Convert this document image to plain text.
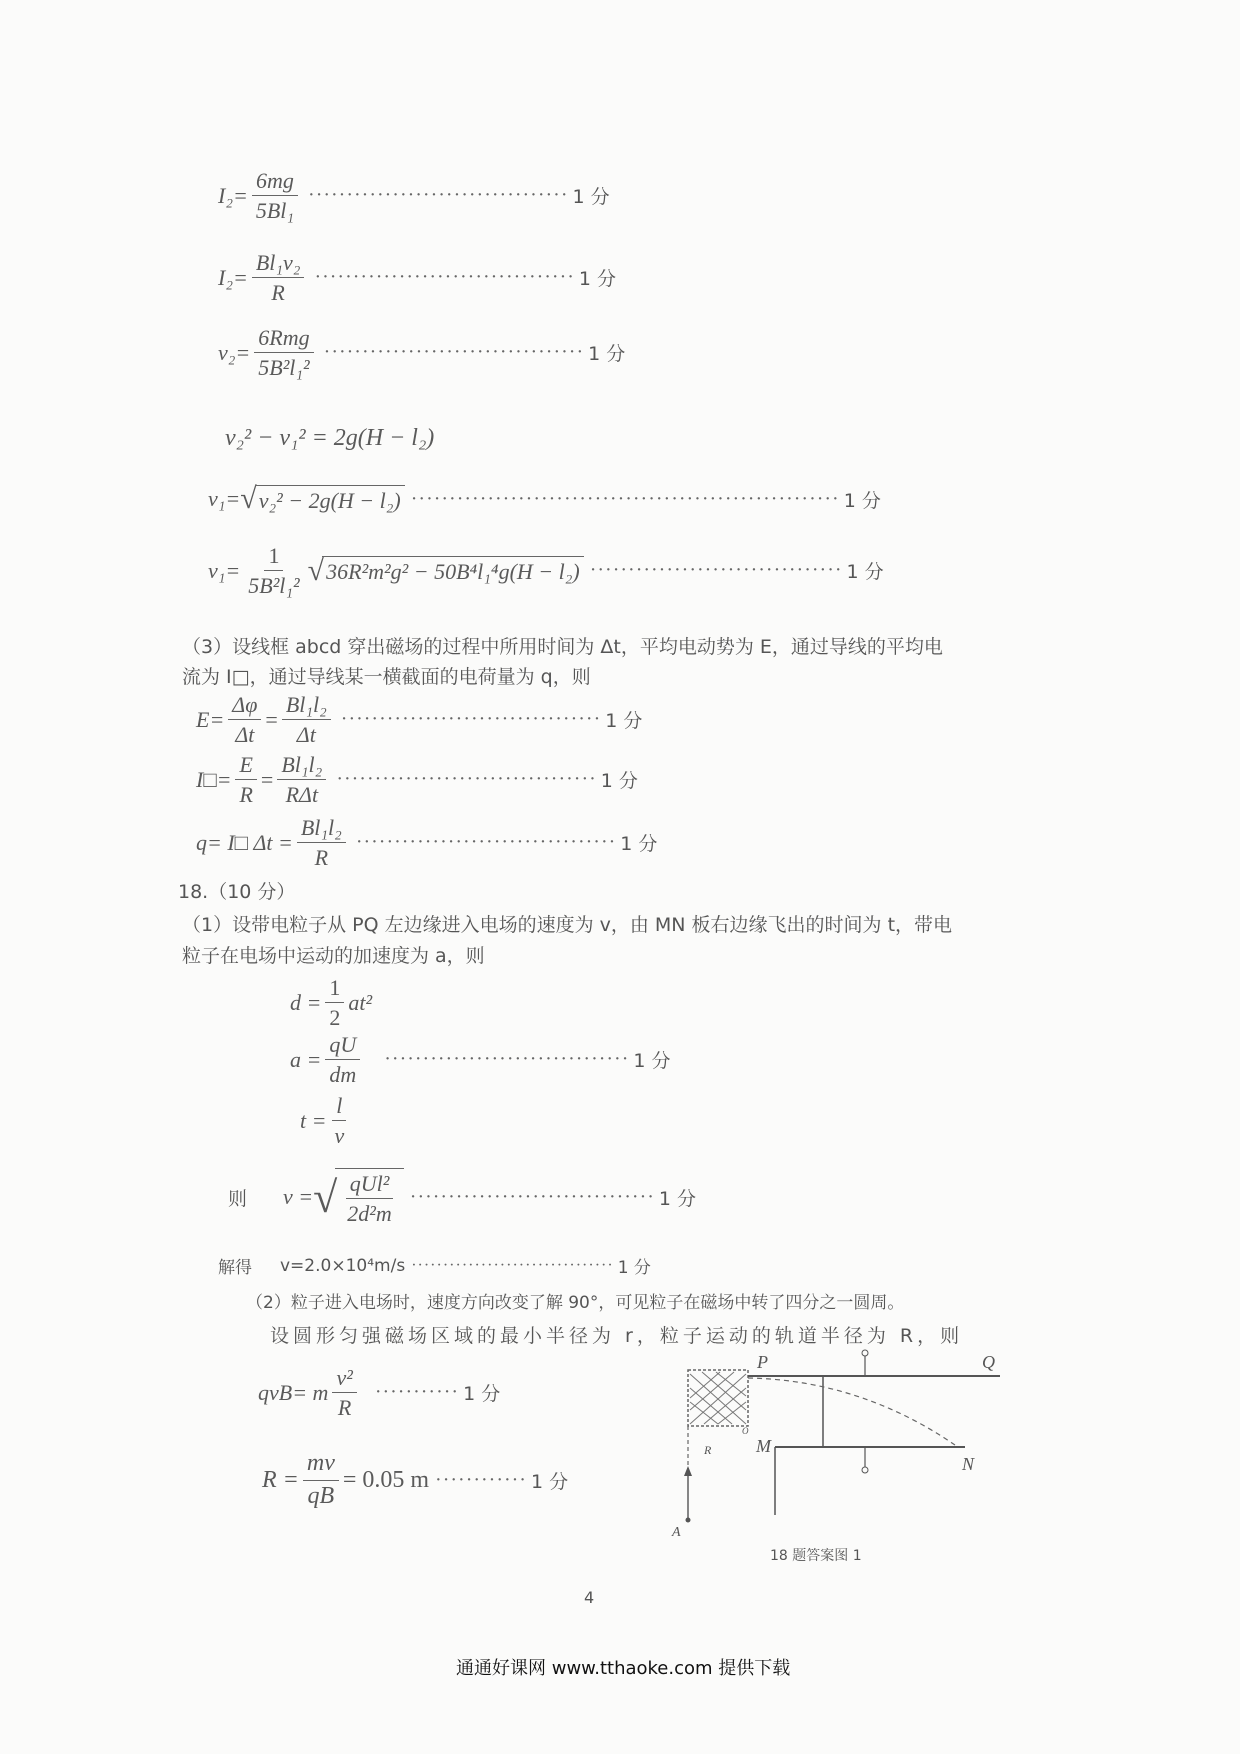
$I_2= \frac{6mg}{\text{5Bl₁}}$ ·································· 1 分
$I_2= \frac{\text{Bl₁v₂}}{R}$ ·································· 1 分
$v_2= \frac{\text{6Rmg}}{\text{5B²l₁²}}$ ·································· 1 分
v₂² − v₁² = 2g(H − l₂)
v₁= √ v₂² − 2g(H − l₂) ························································ 1 分
$v_1= \frac{1}{\text{5B²l₁²}}$ √ 36R²m²g² − 50B⁴l₁⁴g(H − l₂) ································· 1 分
（3）设线框 abcd 穿出磁场的过程中所用时间为 Δt，平均电动势为 E，通过导线的平均电
流为 I□，通过导线某一横截面的电荷量为 q，则
$E= \frac{\Delta\varphi}{\Delta t} = \frac{\text{Bl₁l₂}}{\Delta t}$ ·································· 1 分
I□= $\frac{E}{R} = \frac{\text{Bl₁l₂}}{\text{RΔt}}$ ·································· 1 分
q= I□ $\Delta t = \frac{\text{Bl₁l₂}}{R}$ ·································· 1 分
18.（10 分）
（1）设带电粒子从 PQ 左边缘进入电场的速度为 v，由 MN 板右边缘飞出的时间为 t，带电
粒子在电场中运动的加速度为 a，则
$d = \frac{1}{2} at^2$
$a = \frac{qU}{dm}$ ································ 1 分
$t = \frac{l}{v}$
则 v = √ $\frac{\text{qUl²}}{\text{2d²m}}$ ································ 1 分
解得 v=2.0×10⁴m/s ································ 1 分
（2）粒子进入电场时，速度方向改变了解 90°，可见粒子在磁场中转了四分之一圆周。
设圆形匀强磁场区域的最小半径为 r，粒子运动的轨道半径为 R，则
qvB= m $\frac{\text{v²}}{R}$ ··········· 1 分
$R = \frac{mv}{qB} = 0.05$ m ············ 1 分
P	Q
M
N
A
R
O
18 题答案图 1
4
通通好课网 www.tthaoke.com 提供下载
